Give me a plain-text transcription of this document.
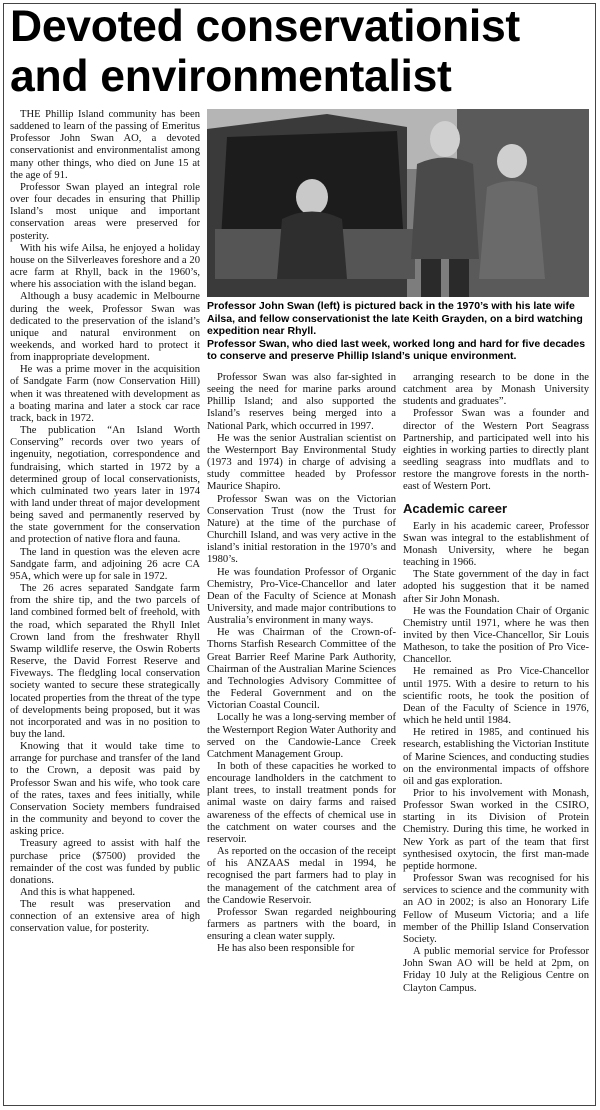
Devoted conservationist and environmentalist

THE Phillip Island community has been saddened to learn of the passing of Emeritus Professor John Swan AO, a devoted conservationist and environmentalist among many other things, who died on June 15 at the age of 91.

Professor Swan played an integral role over four decades in ensuring that Phillip Island’s most unique and important conservation areas were preserved for posterity.

With his wife Ailsa, he enjoyed a holiday house on the Silverleaves foreshore and a 20 acre farm at Rhyll, back in the 1960’s, where his association with the island began.

Although a busy academic in Melbourne during the week, Professor Swan was dedicated to the preservation of the island’s unique and natural environment on weekends, and worked hard to protect it from inappropriate development.

He was a prime mover in the acquisition of Sandgate Farm (now Conservation Hill) when it was threatened with development as a boating marina and later a stock car race track, back in 1972.

The publication “An Island Worth Conserving” records over two years of ingenuity, negotiation, correspondence and fundraising, which started in 1972 by a determined group of local conservationists, which culminated two years later in 1974 with land under threat of major development being saved and permanently reserved by the state government for the conservation and protection of native flora and fauna.

The land in question was the eleven acre Sandgate farm, and adjoining 26 acre CA 95A, which were up for sale in 1972.

The 26 acres separated Sandgate farm from the shire tip, and the two parcels of land combined formed belt of freehold, with the road, which separated the Rhyll Inlet Crown land from the freshwater Rhyll Swamp wildlife reserve, the Oswin Roberts Reserve, the David Forrest Reserve and Fiveways. The fledgling local conservation society wanted to secure these strategically located properties from the threat of the type of developments being proposed, but it was not incorporated and was in no position to buy the land.

Knowing that it would take time to arrange for purchase and transfer of the land to the Crown, a deposit was paid by Professor Swan and his wife, who took care of the rates, taxes and fees initially, while Conservation Society members fundraised in the community and beyond to cover the asking price.

Treasury agreed to assist with half the purchase price ($7500) provided the remainder of the cost was funded by public donations.

And this is what happened.

The result was preservation and connection of an extensive area of high conservation value, for posterity.

Professor John Swan (left) is pictured back in the 1970’s with his late wife Ailsa, and fellow conservationist the late Keith Grayden, on a bird watching expedition near Rhyll.

Professor Swan, who died last week, worked long and hard for five decades to conserve and preserve Phillip Island’s unique environment.

Professor Swan was also far-sighted in seeing the need for marine parks around Phillip Island; and also supported the Island’s reserves being merged into a National Park, which occurred in 1997.

He was the senior Australian scientist on the Westernport Bay Environmental Study (1973 and 1974) in charge of advising a study committee headed by Professor Maurice Shapiro.

Professor Swan was on the Victorian Conservation Trust (now the Trust for Nature) at the time of the purchase of Churchill Island, and was very active in the island’s initial restoration in the 1970’s and 1980’s.

He was foundation Professor of Organic Chemistry, Pro-Vice-Chancellor and later Dean of the Faculty of Science at Monash University, and made major contributions to Australia’s environment in many ways.

He was Chairman of the Crown-of-Thorns Starfish Research Committee of the Great Barrier Reef Marine Park Authority, Chairman of the Australian Marine Sciences and Technologies Advisory Committee of the Federal Government and on the Victorian Coastal Council.

Locally he was a long-serving member of the Westernport Region Water Authority and served on the Candowie-Lance Creek Catchment Management Group.

In both of these capacities he worked to encourage landholders in the catchment to plant trees, to install treatment ponds for animal waste on dairy farms and raised awareness of the effects of chemical use in the catchment on water courses and the reservoir.

As reported on the occasion of the receipt of his ANZAAS medal in 1994, he recognised the part farmers had to play in the management of the catchment area of the Candowie Reservoir.

Professor Swan regarded neighbouring farmers as partners with the board, in ensuring a clean water supply.

He has also been responsible for

arranging research to be done in the catchment area by Monash University students and graduates”.

Professor Swan was a founder and director of the Western Port Seagrass Partnership, and participated well into his eighties in working parties to directly plant seedling seagrass into mudflats and to restore the mangrove forests in the north-east of Western Port.

Academic career

Early in his academic career, Professor Swan was integral to the establishment of Monash University, where he began teaching in 1966.

The State government of the day in fact adopted his suggestion that it be named after Sir John Monash.

He was the Foundation Chair of Organic Chemistry until 1971, where he was then invited by then Vice-Chancellor, Sir Louis Matheson, to take the position of Pro Vice-Chancellor.

He remained as Pro Vice-Chancellor until 1975. With a desire to return to his scientific roots, he took the position of Dean of the Faculty of Science in 1976, which he held until 1984.

He retired in 1985, and continued his research, establishing the Victorian Institute of Marine Sciences, and conducting studies on the environmental impacts of offshore oil and gas exploration.

Prior to his involvement with Monash, Professor Swan worked in the CSIRO, starting in its Division of Protein Chemistry. During this time, he worked in New York as part of the team that first synthesised oxytocin, the first man-made peptide hormone.

Professor Swan was recognised for his services to science and the community with an AO in 2002; is also an Honorary Life Fellow of Museum Victoria; and a life member of the Phillip Island Conservation Society.

A public memorial service for Professor John Swan AO will be held at 2pm, on Friday 10 July at the Religious Centre on Clayton Campus.
